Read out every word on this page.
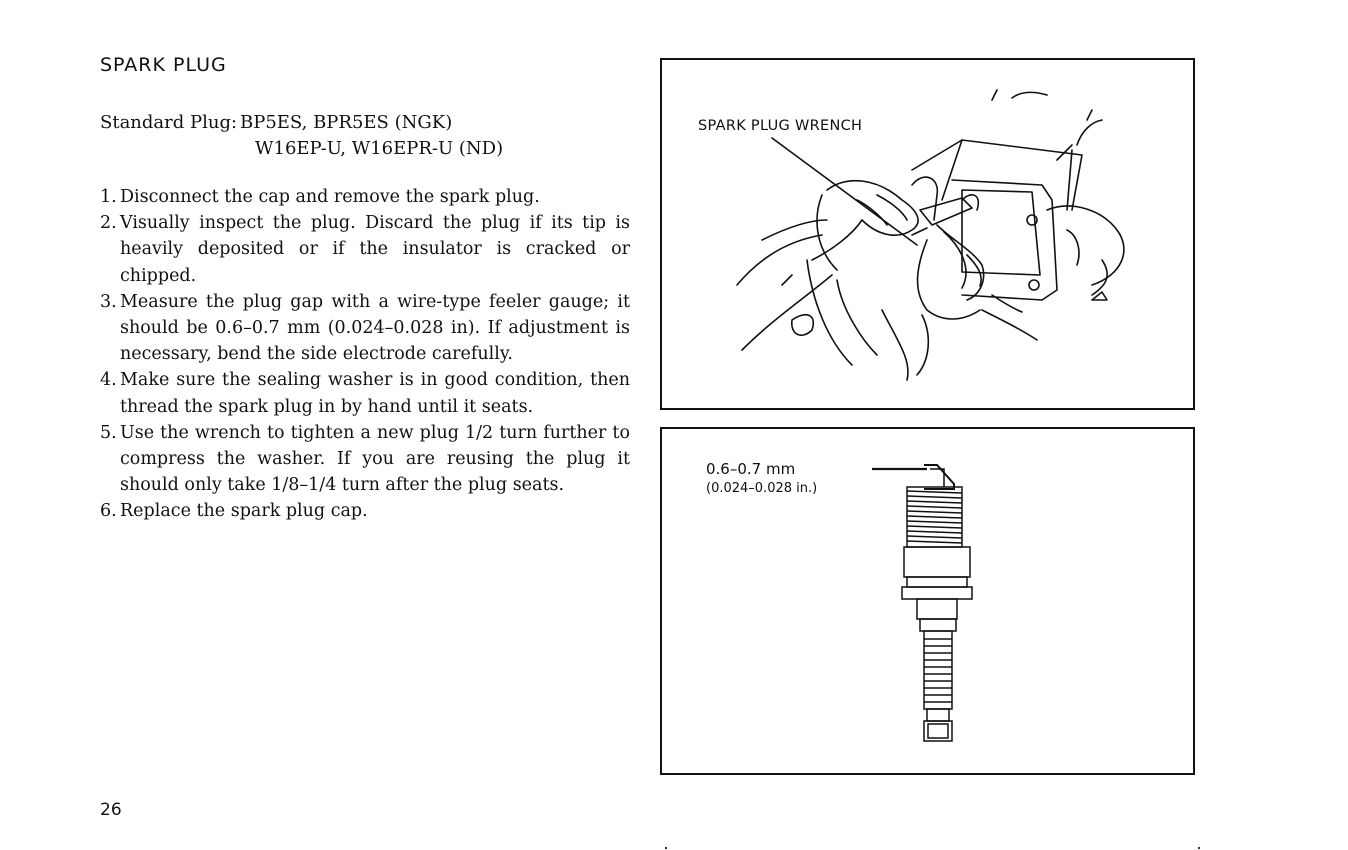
SPARK PLUG
Standard Plug: BP5ES, BPR5ES (NGK)
W16EP-U, W16EPR-U (ND)
1. Disconnect the cap and remove the spark plug.
2. Visually inspect the plug. Discard the plug if its tip is heavily deposited or if the insulator is cracked or chipped.
3. Measure the plug gap with a wire-type feeler gauge; it should be 0.6–0.7 mm (0.024–0.028 in). If adjustment is necessary, bend the side electrode carefully.
4. Make sure the sealing washer is in good condition, then thread the spark plug in by hand until it seats.
5. Use the wrench to tighten a new plug 1/2 turn further to compress the washer. If you are reusing the plug it should only take 1/8–1/4 turn after the plug seats.
6. Replace the spark plug cap.
26
SPARK PLUG WRENCH
0.6–0.7 mm
(0.024–0.028 in.)
